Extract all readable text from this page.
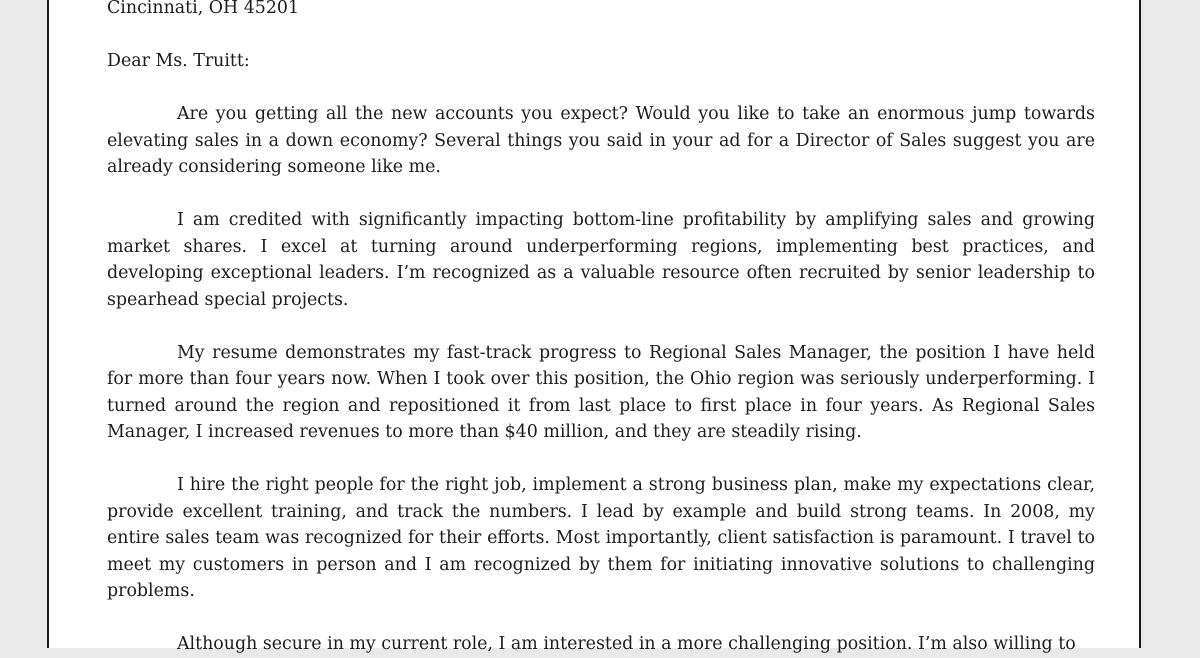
Cincinnati, OH 45201

Dear Ms. Truitt:

Are you getting all the new accounts you expect? Would you like to take an enormous jump towards elevating sales in a down economy? Several things you said in your ad for a Director of Sales suggest you are already considering someone like me.

I am credited with significantly impacting bottom-line profitability by amplifying sales and growing market shares. I excel at turning around underperforming regions, implementing best practices, and developing exceptional leaders. I’m recognized as a valuable resource often recruited by senior leadership to spearhead special projects.

My resume demonstrates my fast-track progress to Regional Sales Manager, the position I have held for more than four years now. When I took over this position, the Ohio region was seriously underperforming. I turned around the region and repositioned it from last place to first place in four years. As Regional Sales Manager, I increased revenues to more than $40 million, and they are steadily rising.

I hire the right people for the right job, implement a strong business plan, make my expectations clear, provide excellent training, and track the numbers. I lead by example and build strong teams. In 2008, my entire sales team was recognized for their efforts. Most importantly, client satisfaction is paramount. I travel to meet my customers in person and I am recognized by them for initiating innovative solutions to challenging problems.

Although secure in my current role, I am interested in a more challenging position. I’m also willing to
